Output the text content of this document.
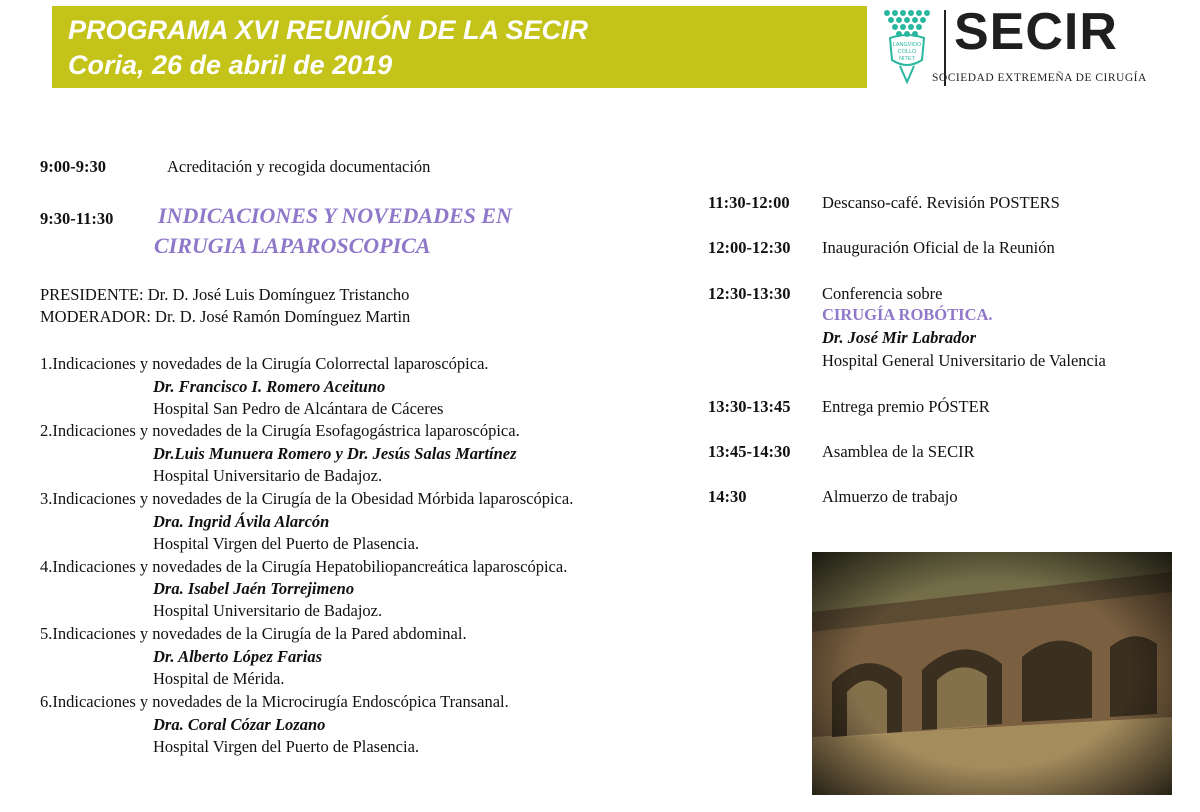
PROGRAMA XVI REUNIÓN DE LA SECIR
Coria, 26 de abril de 2019
LANGVIDO
COLLO
NITET SECIR
SOCIEDAD EXTREMEÑA DE CIRUGÍA
9:00-9:30	Acreditación y recogida documentación
9:30-11:30 INDICACIONES Y NOVEDADES EN
CIRUGIA LAPAROSCOPICA
PRESIDENTE: Dr. D. José Luis Domínguez Tristancho
MODERADOR: Dr. D. José Ramón Domínguez Martin
1.Indicaciones y novedades de la Cirugía Colorrectal laparoscópica.
Dr. Francisco I. Romero Aceituno
Hospital San Pedro de Alcántara de Cáceres
2.Indicaciones y novedades de la Cirugía Esofagogástrica laparoscópica.
Dr.Luis Munuera Romero y Dr. Jesús Salas Martínez
Hospital Universitario de Badajoz.
3.Indicaciones y novedades de la Cirugía de la Obesidad Mórbida laparoscópica.
Dra. Ingrid Ávila Alarcón
Hospital Virgen del Puerto de Plasencia.
4.Indicaciones y novedades de la Cirugía Hepatobiliopancreática laparoscópica.
Dra. Isabel Jaén Torrejimeno
Hospital Universitario de Badajoz.
5.Indicaciones y novedades de la Cirugía de la Pared abdominal.
Dr. Alberto López Farias
Hospital de Mérida.
6.Indicaciones y novedades de la Microcirugía Endoscópica Transanal.
Dra. Coral Cózar Lozano
Hospital Virgen del Puerto de Plasencia.
11:30-12:00 Descanso-café. Revisión POSTERS
12:00-12:30 Inauguración Oficial de la Reunión
12:30-13:30 Conferencia sobre
CIRUGÍA ROBÓTICA.
Dr. José Mir Labrador
Hospital General Universitario de Valencia
13:30-13:45 Entrega premio PÓSTER
13:45-14:30 Asamblea de la SECIR
14:30	Almuerzo de trabajo
